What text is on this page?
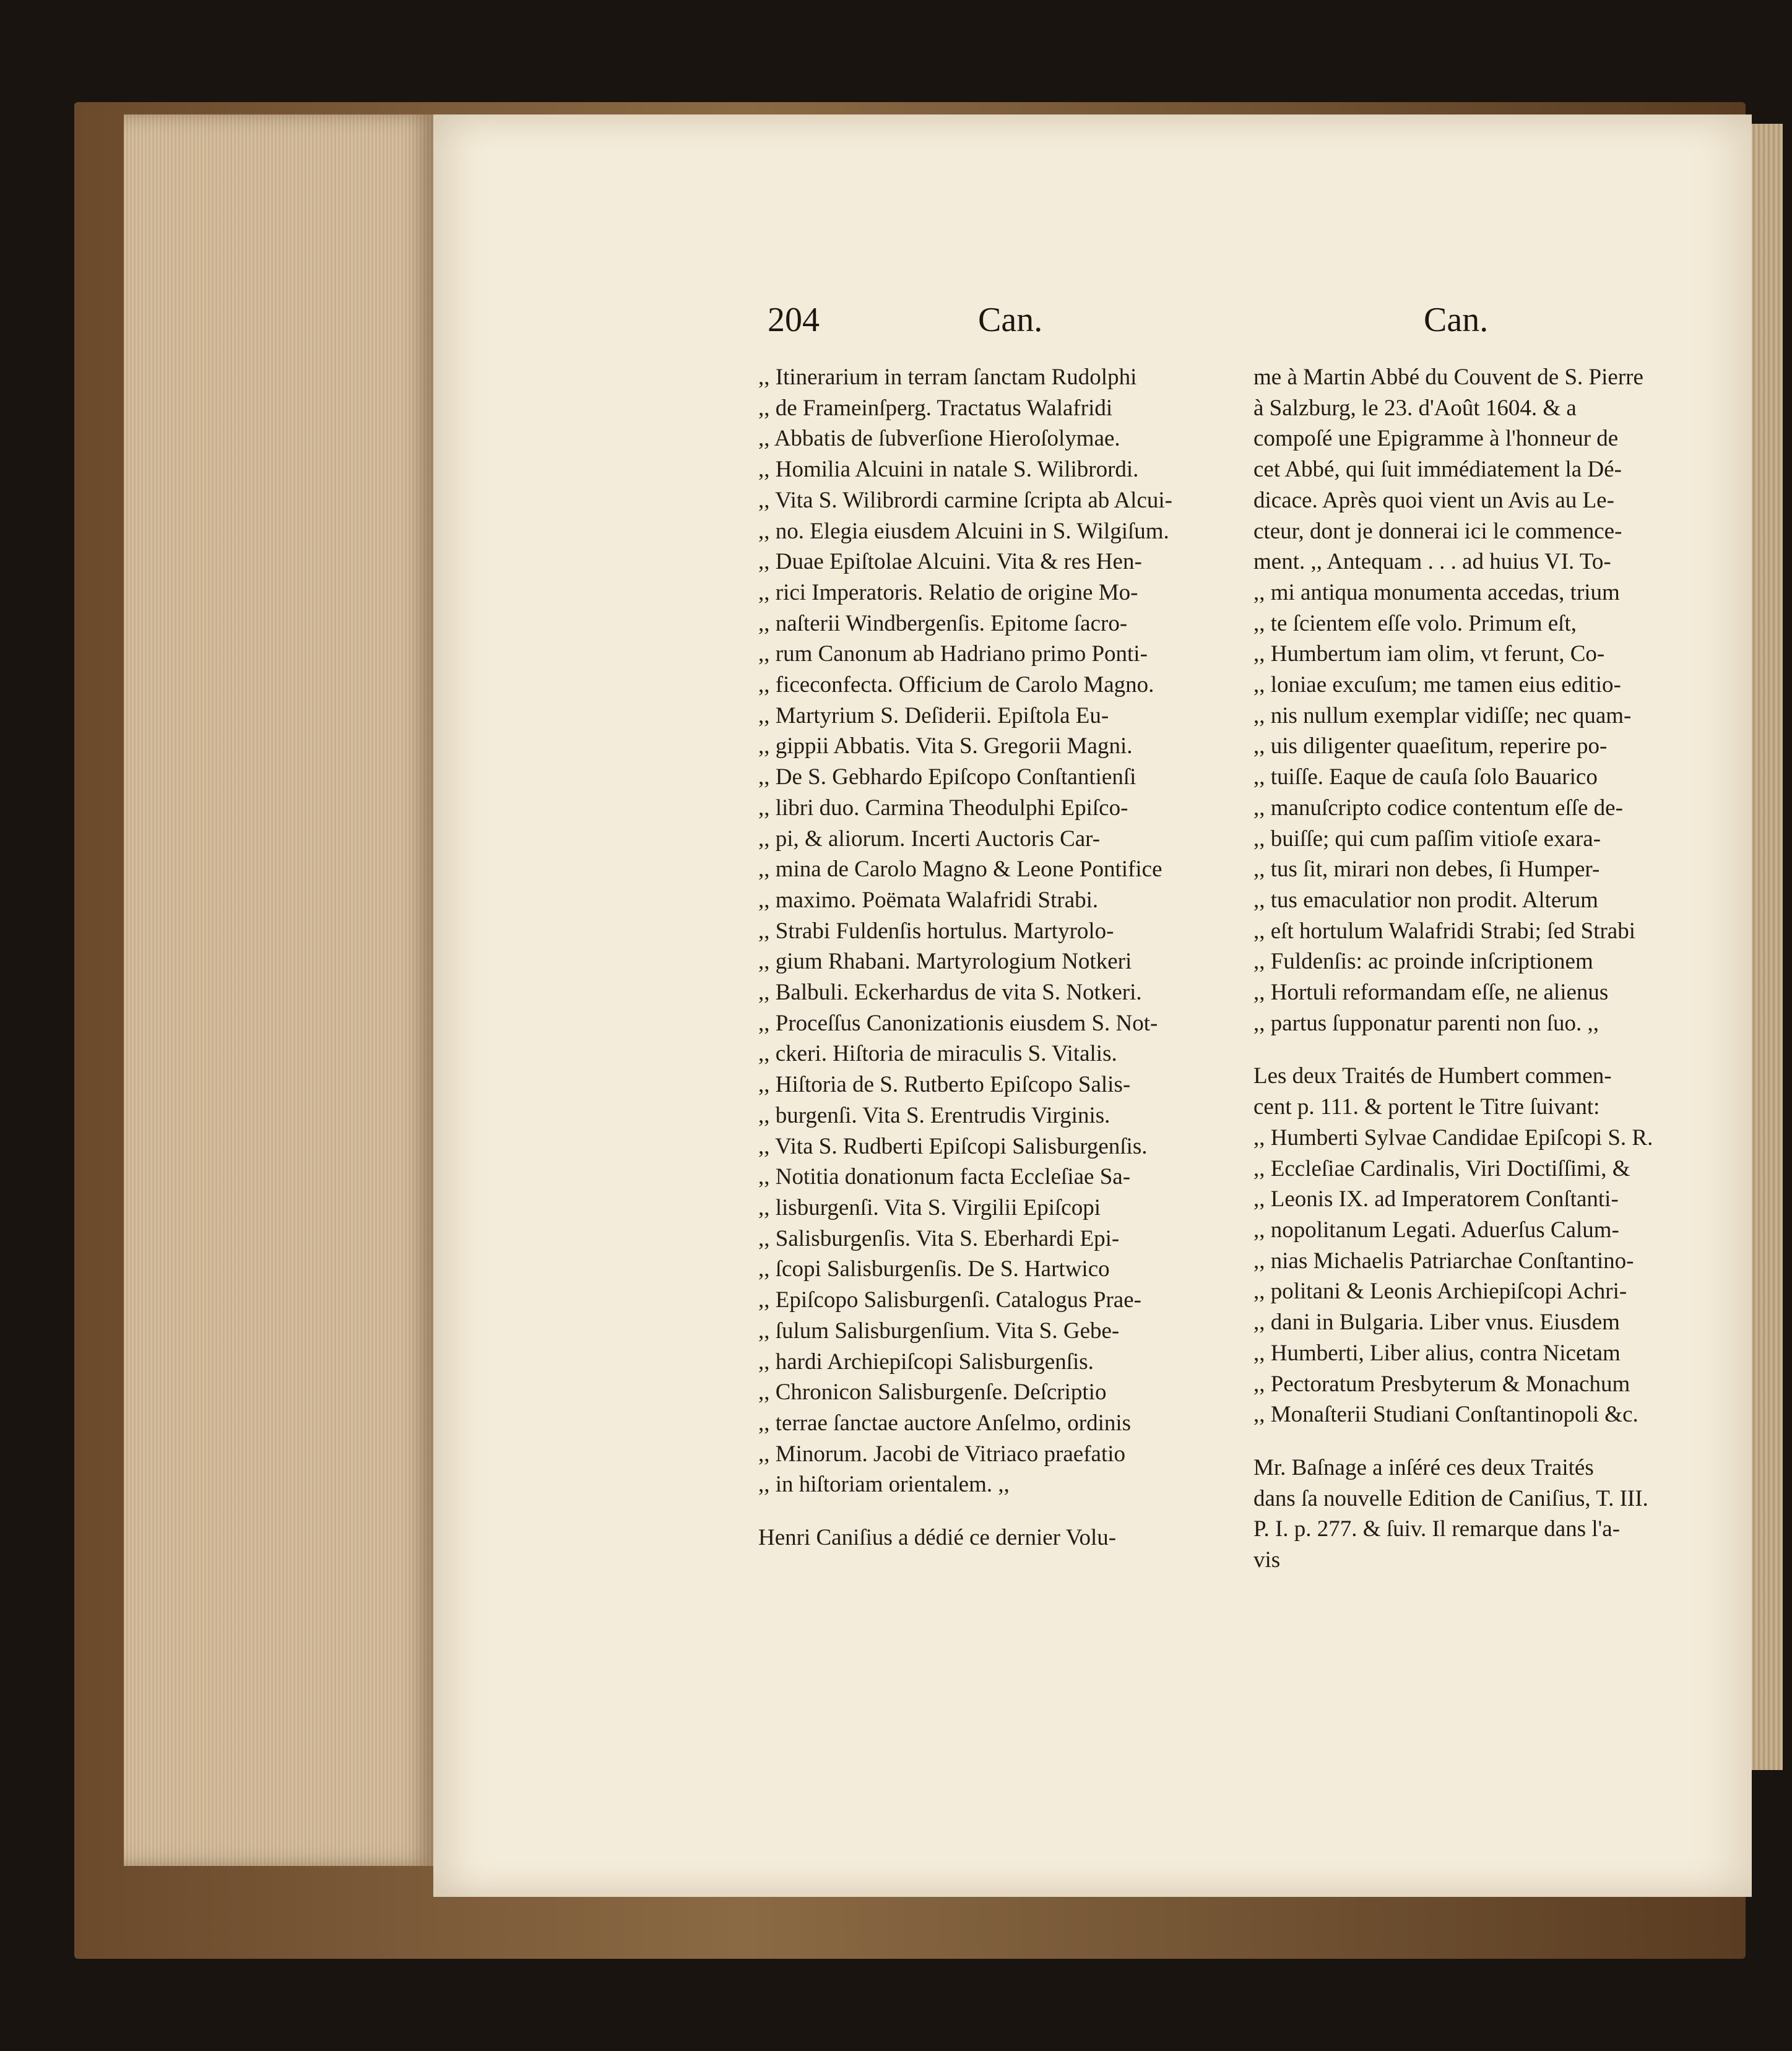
204	Can.	Can.
,, Itinerarium in terram ſanctam Rudolphi
,, de Frameinſperg. Tractatus Walafridi
,, Abbatis de ſubverſione Hieroſolymae.
,, Homilia Alcuini in natale S. Wilibrordi.
,, Vita S. Wilibrordi carmine ſcripta ab Alcui-
,, no. Elegia eiusdem Alcuini in S. Wilgiſum.
,, Duae Epiſtolae Alcuini. Vita & res Hen-
,, rici Imperatoris. Relatio de origine Mo-
,, naſterii Windbergenſis. Epitome ſacro-
,, rum Canonum ab Hadriano primo Ponti-
,, ficeconfecta. Officium de Carolo Magno.
,, Martyrium S. Deſiderii. Epiſtola Eu-
,, gippii Abbatis. Vita S. Gregorii Magni.
,, De S. Gebhardo Epiſcopo Conſtantienſi
,, libri duo. Carmina Theodulphi Epiſco-
,, pi, & aliorum. Incerti Auctoris Car-
,, mina de Carolo Magno & Leone Pontifice
,, maximo. Poëmata Walafridi Strabi.
,, Strabi Fuldenſis hortulus. Martyrolo-
,, gium Rhabani. Martyrologium Notkeri
,, Balbuli. Eckerhardus de vita S. Notkeri.
,, Proceſſus Canonizationis eiusdem S. Not-
,, ckeri. Hiſtoria de miraculis S. Vitalis.
,, Hiſtoria de S. Rutberto Epiſcopo Salis-
,, burgenſi. Vita S. Erentrudis Virginis.
,, Vita S. Rudberti Epiſcopi Salisburgenſis.
,, Notitia donationum facta Eccleſiae Sa-
,, lisburgenſi. Vita S. Virgilii Epiſcopi
,, Salisburgenſis. Vita S. Eberhardi Epi-
,, ſcopi Salisburgenſis. De S. Hartwico
,, Epiſcopo Salisburgenſi. Catalogus Prae-
,, ſulum Salisburgenſium. Vita S. Gebe-
,, hardi Archiepiſcopi Salisburgenſis.
,, Chronicon Salisburgenſe. Deſcriptio
,, terrae ſanctae auctore Anſelmo, ordinis
,, Minorum. Jacobi de Vitriaco praefatio
,, in hiſtoriam orientalem. ,,
Henri Caniſius a dédié ce dernier Volu-
me à Martin Abbé du Couvent de S. Pierre
à Salzburg, le 23. d'Août 1604. & a
compoſé une Epigramme à l'honneur de
cet Abbé, qui ſuit immédiatement la Dé-
dicace. Après quoi vient un Avis au Le-
cteur, dont je donnerai ici le commence-
ment. ,, Antequam . . . ad huius VI. To-
,, mi antiqua monumenta accedas, trium
,, te ſcientem eſſe volo. Primum eſt,
,, Humbertum iam olim, vt ferunt, Co-
,, loniae excuſum; me tamen eius editio-
,, nis nullum exemplar vidiſſe; nec quam-
,, uis diligenter quaeſitum, reperire po-
,, tuiſſe. Eaque de cauſa ſolo Bauarico
,, manuſcripto codice contentum eſſe de-
,, buiſſe; qui cum paſſim vitioſe exara-
,, tus ſit, mirari non debes, ſi Humper-
,, tus emaculatior non prodit. Alterum
,, eſt hortulum Walafridi Strabi; ſed Strabi
,, Fuldenſis: ac proinde inſcriptionem
,, Hortuli reformandam eſſe, ne alienus
,, partus ſupponatur parenti non ſuo. ,,
Les deux Traités de Humbert commen-
cent p. 111. & portent le Titre ſuivant:
,, Humberti Sylvae Candidae Epiſcopi S. R.
,, Eccleſiae Cardinalis, Viri Doctiſſimi, &
,, Leonis IX. ad Imperatorem Conſtanti-
,, nopolitanum Legati. Aduerſus Calum-
,, nias Michaelis Patriarchae Conſtantino-
,, politani & Leonis Archiepiſcopi Achri-
,, dani in Bulgaria. Liber vnus. Eiusdem
,, Humberti, Liber alius, contra Nicetam
,, Pectoratum Presbyterum & Monachum
,, Monaſterii Studiani Conſtantinopoli &c.
Mr. Baſnage a inſéré ces deux Traités
dans ſa nouvelle Edition de Caniſius, T. III.
P. I. p. 277. & ſuiv. Il remarque dans l'a-
vis
